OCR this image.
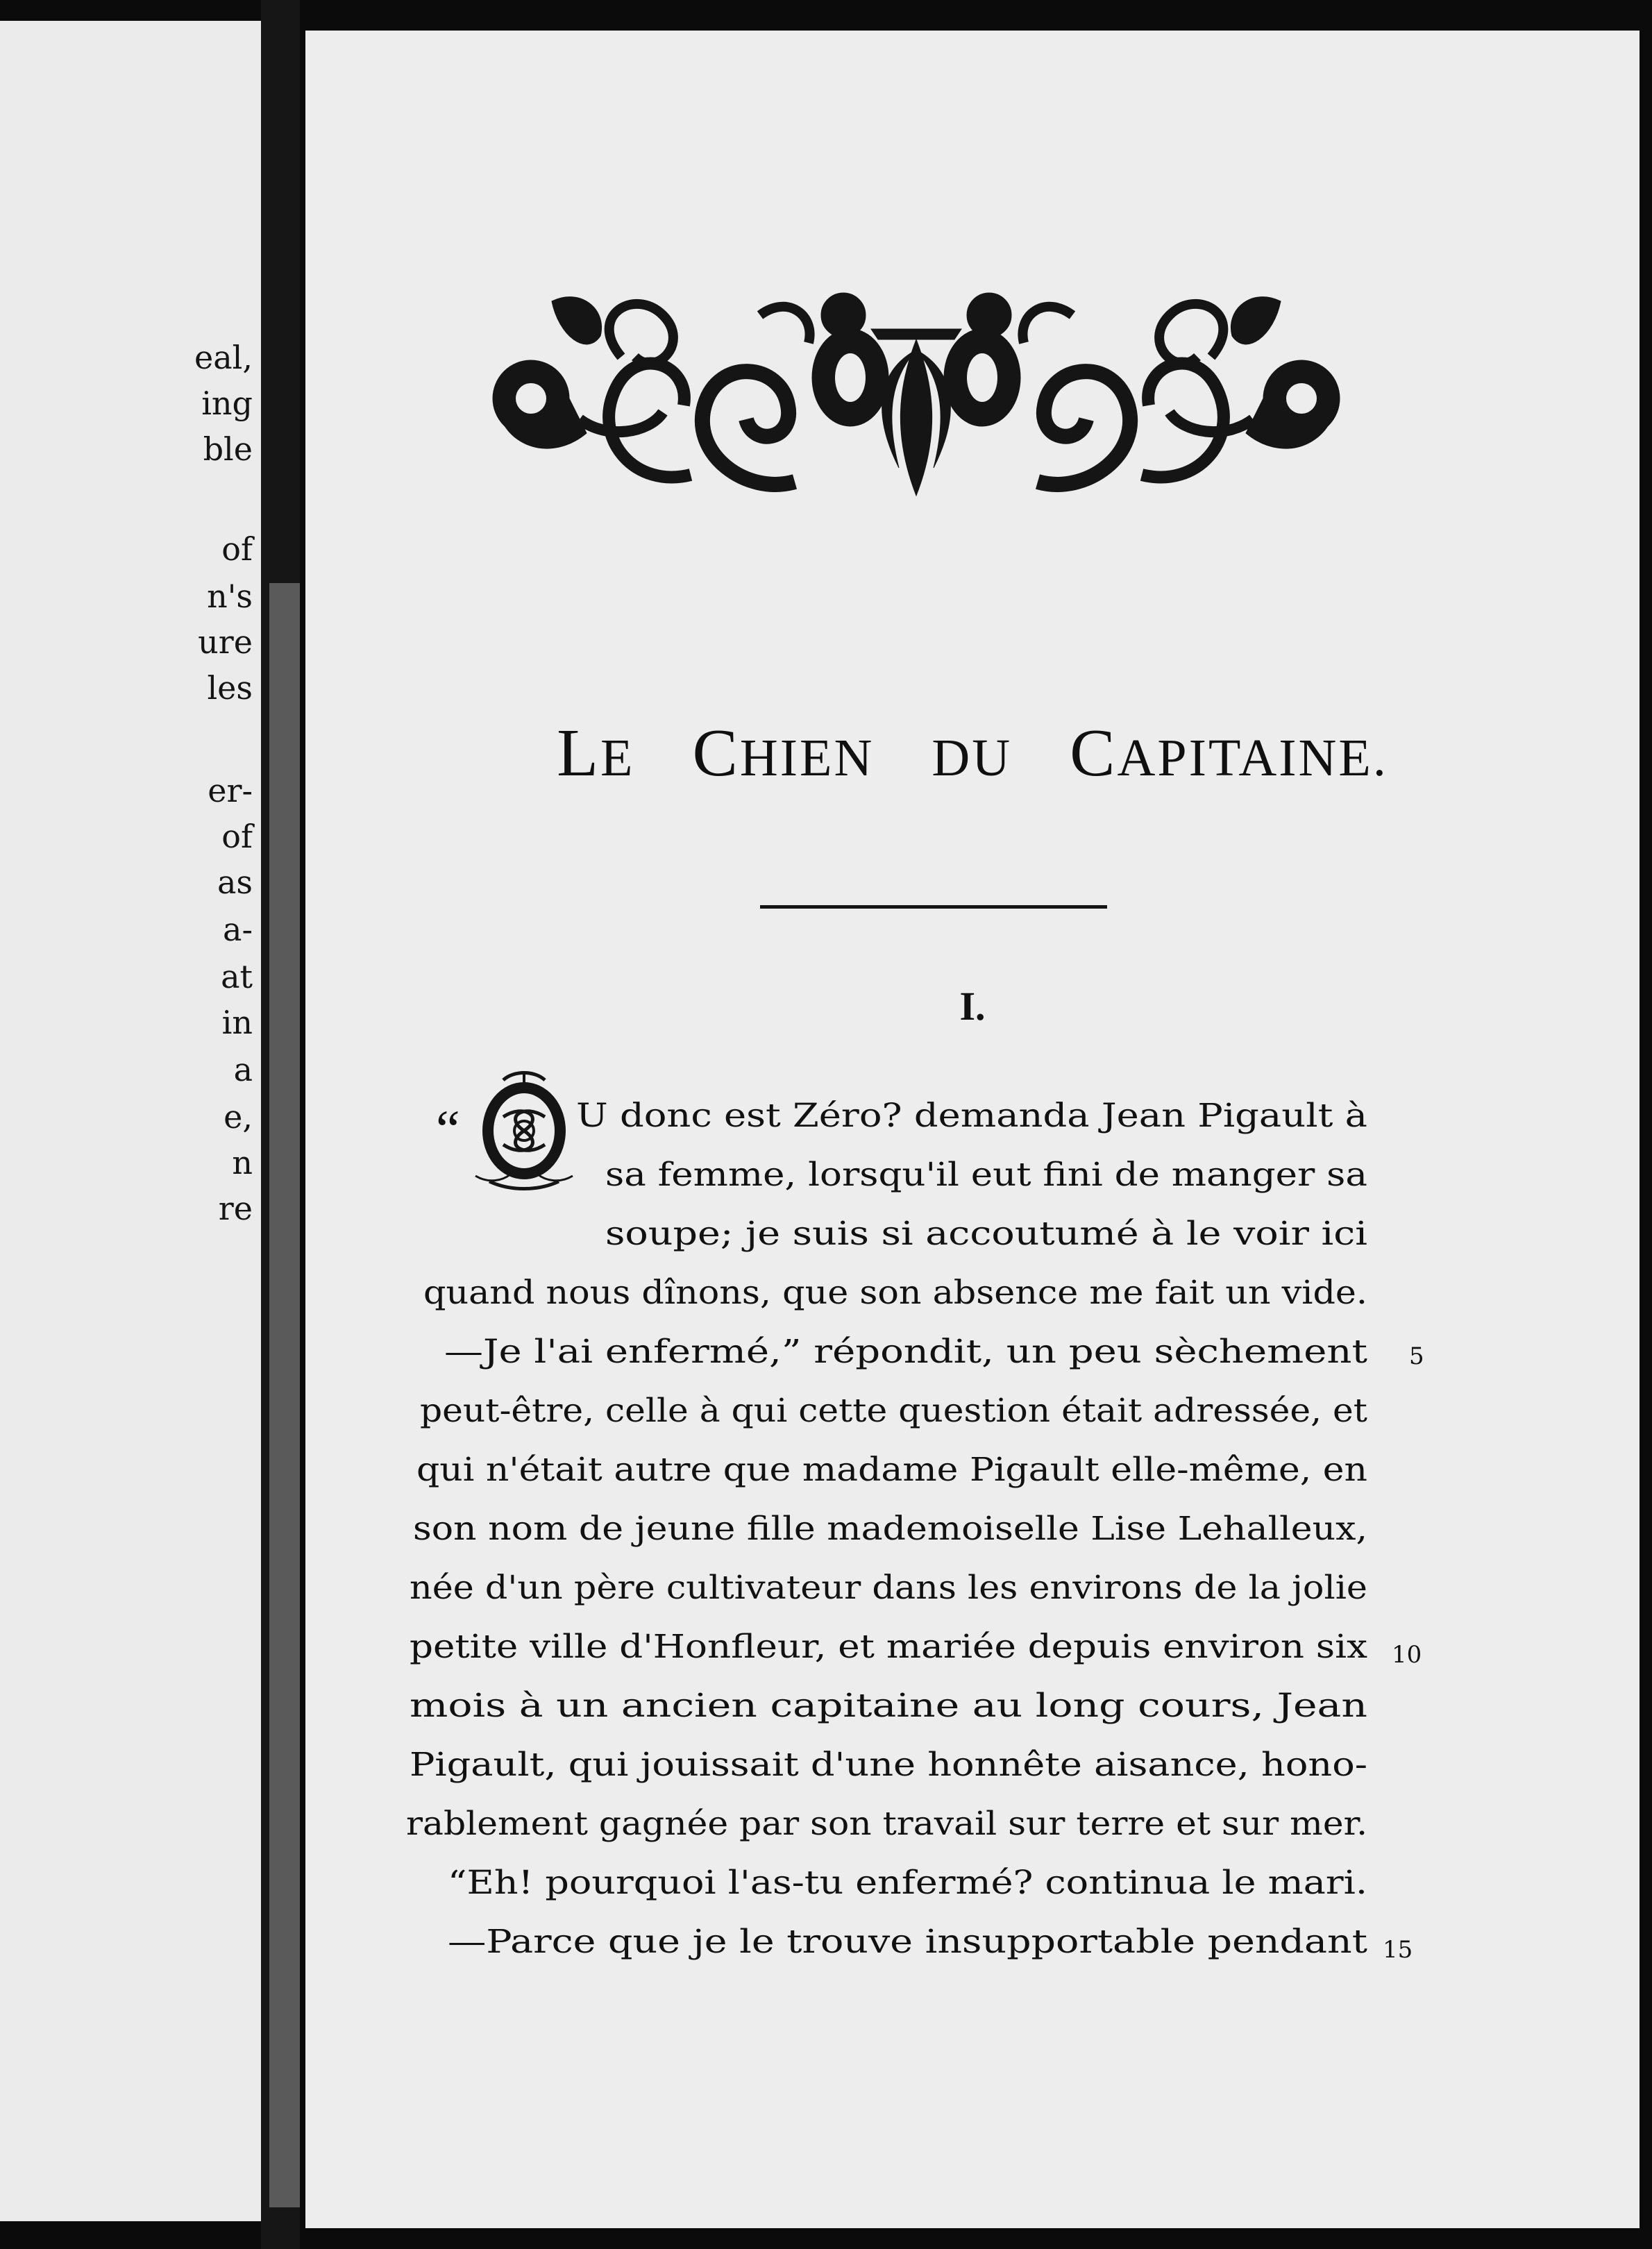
eal,
ing
ble
of
n's
ure
les
er-
of
as
a-
at
in
a
e,
n
re
LE CHIEN DU CAPITAINE.
I.
“	U donc est Zéro? demanda Jean Pigault à
sa femme, lorsqu'il eut fini de manger sa
soupe; je suis si accoutumé à le voir ici
quand nous dînons, que son absence me fait un vide.
—Je l'ai enfermé,” répondit, un peu sèchement
peut-être, celle à qui cette question était adressée, et
qui n'était autre que madame Pigault elle-même, en
son nom de jeune fille mademoiselle Lise Lehalleux,
née d'un père cultivateur dans les environs de la jolie
petite ville d'Honfleur, et mariée depuis environ six
mois à un ancien capitaine au long cours, Jean
Pigault, qui jouissait d'une honnête aisance, hono-
rablement gagnée par son travail sur terre et sur mer.
“Eh! pourquoi l'as-tu enfermé? continua le mari.
—Parce que je le trouve insupportable pendant
5
10
15
